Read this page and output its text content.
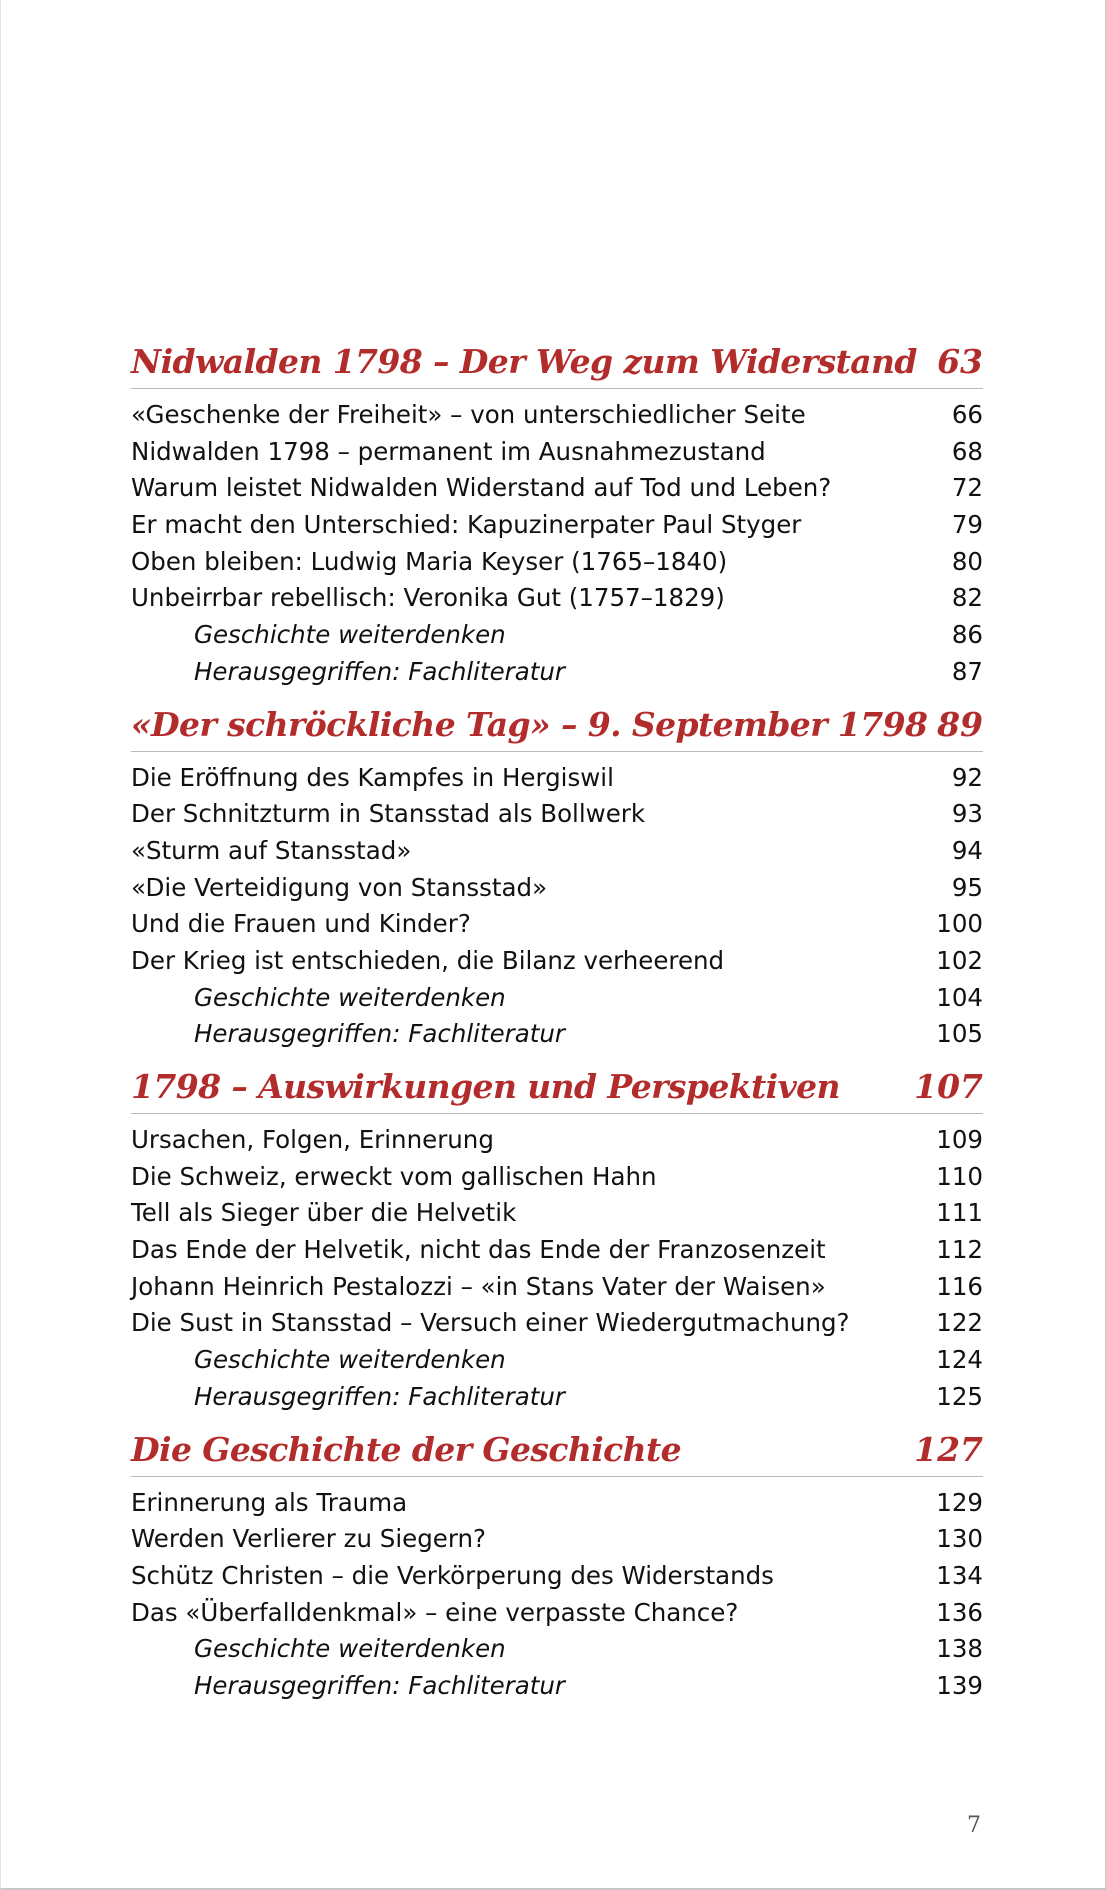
Nidwalden 1798 – Der Weg zum Widerstand 63
«Geschenke der Freiheit» – von unterschiedlicher Seite	66
Nidwalden 1798 – permanent im Ausnahmezustand	68
Warum leistet Nidwalden Widerstand auf Tod und Leben?	72
Er macht den Unterschied: Kapuzinerpater Paul Styger	79
Oben bleiben: Ludwig Maria Keyser (1765–1840)	80
Unbeirrbar rebellisch: Veronika Gut (1757–1829)	82
Geschichte weiterdenken	86
Herausgegriffen: Fachliteratur	87
«Der schröckliche Tag» – 9. September 1798 89
Die Eröffnung des Kampfes in Hergiswil	92
Der Schnitzturm in Stansstad als Bollwerk	93
«Sturm auf Stansstad»	94
«Die Verteidigung von Stansstad»	95
Und die Frauen und Kinder?	100
Der Krieg ist entschieden, die Bilanz verheerend	102
Geschichte weiterdenken	104
Herausgegriffen: Fachliteratur	105
1798 – Auswirkungen und Perspektiven 107
Ursachen, Folgen, Erinnerung	109
Die Schweiz, erweckt vom gallischen Hahn	110
Tell als Sieger über die Helvetik	111
Das Ende der Helvetik, nicht das Ende der Franzosenzeit	112
Johann Heinrich Pestalozzi – «in Stans Vater der Waisen»	116
Die Sust in Stansstad – Versuch einer Wiedergutmachung?	122
Geschichte weiterdenken	124
Herausgegriffen: Fachliteratur	125
Die Geschichte der Geschichte	127
Erinnerung als Trauma	129
Werden Verlierer zu Siegern?	130
Schütz Christen – die Verkörperung des Widerstands	134
Das «Überfalldenkmal» – eine verpasste Chance?	136
Geschichte weiterdenken	138
Herausgegriffen: Fachliteratur	139
7
